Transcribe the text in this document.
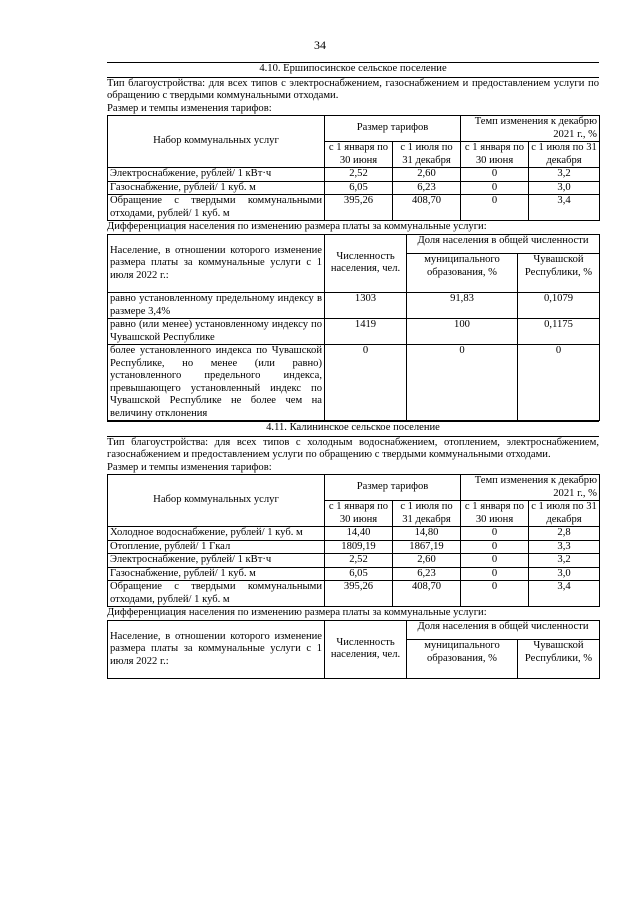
34
4.10. Ершипосинское сельское поселение
Тип благоустройства: для всех типов с электроснабжением, газоснабжением и предоставлением услуги по обращению с твердыми коммунальными отходами.
Размер и темпы изменения тарифов:
Набор коммунальных услуг	Размер тарифов		Темп изменения к декабрю 2021 г., %	
	с 1 января по 30 июня	с 1 июля по 31 декабря	с 1 января по 30 июня	с 1 июля по 31 декабря
Электроснабжение, рублей/ 1 кВт·ч	2,52	2,60	0	3,2
Газоснабжение, рублей/ 1 куб. м	6,05	6,23	0	3,0
Обращение с твердыми коммунальными отходами, рублей/ 1 куб. м	395,26	408,70	0	3,4
Дифференциация населения по изменению размера платы за коммунальные услуги:
Население, в отношении которого изменение размера платы за коммунальные услуги с 1 июля 2022 г.:	Численность населения, чел.	Доля населения в общей численности	
		муниципального образования, %	Чувашской Республики, %
равно установленному предельному индексу в размере 3,4%	1303	91,83	0,1079
равно (или менее) установленному индексу по Чувашской Республике	1419	100	0,1175
более установленного индекса по Чувашской Республике, но менее (или равно) установленного предельного индекса, превышающего установленный индекс по Чувашской Республике не более чем на величину отклонения	0	0	0
4.11. Калининское сельское поселение
Тип благоустройства: для всех типов с холодным водоснабжением, отоплением, электроснабжением, газоснабжением и предоставлением услуги по обращению с твердыми коммунальными отходами.
Размер и темпы изменения тарифов:
Набор коммунальных услуг	Размер тарифов		Темп изменения к декабрю 2021 г., %	
	с 1 января по 30 июня	с 1 июля по 31 декабря	с 1 января по 30 июня	с 1 июля по 31 декабря
Холодное водоснабжение, рублей/ 1 куб. м	14,40	14,80	0	2,8
Отопление, рублей/ 1 Гкал	1809,19	1867,19	0	3,3
Электроснабжение, рублей/ 1 кВт·ч	2,52	2,60	0	3,2
Газоснабжение, рублей/ 1 куб. м	6,05	6,23	0	3,0
Обращение с твердыми коммунальными отходами, рублей/ 1 куб. м	395,26	408,70	0	3,4
Дифференциация населения по изменению размера платы за коммунальные услуги:
Население, в отношении которого изменение размера платы за коммунальные услуги с 1 июля 2022 г.:	Численность населения, чел.	Доля населения в общей численности	
		муниципального образования, %	Чувашской Республики, %
